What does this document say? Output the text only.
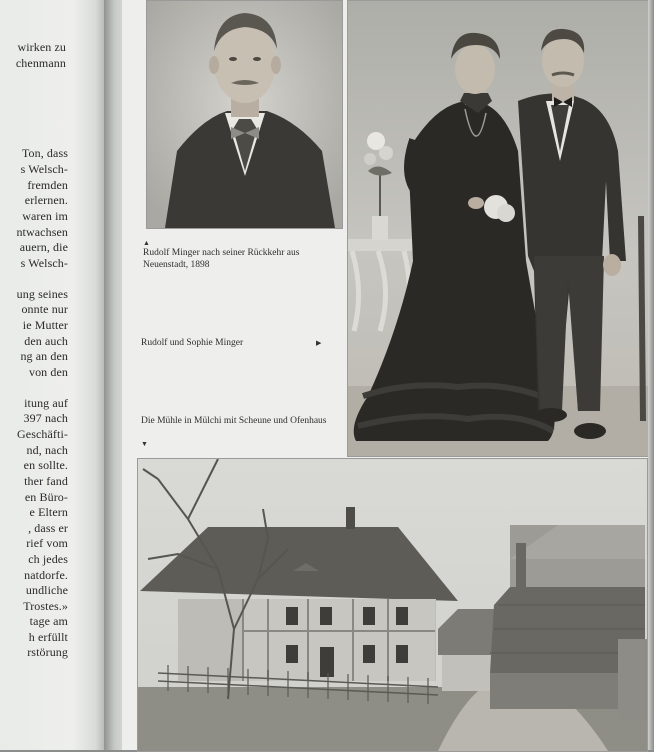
wirken zu
chenmann
Ton, dass
s Welsch-
fremden
erlernen.
waren im
ntwachsen
auern, die
s Welsch-
ung seines
onnte nur
ie Mutter
den auch
ng an den
von den
itung auf
397 nach
Geschäfti-
nd, nach
en sollte.
ther fand
en Büro-
e Eltern
, dass er
rief vom
ch jedes
natdorfe.
undliche
Trostes.»
tage am
h erfüllt
rstörung
▲
Rudolf Minger nach seiner Rückkehr aus Neuenstadt, 1898
Rudolf und Sophie Minger	▶
Die Mühle in Mülchi mit Scheune und Ofenhaus
▼
